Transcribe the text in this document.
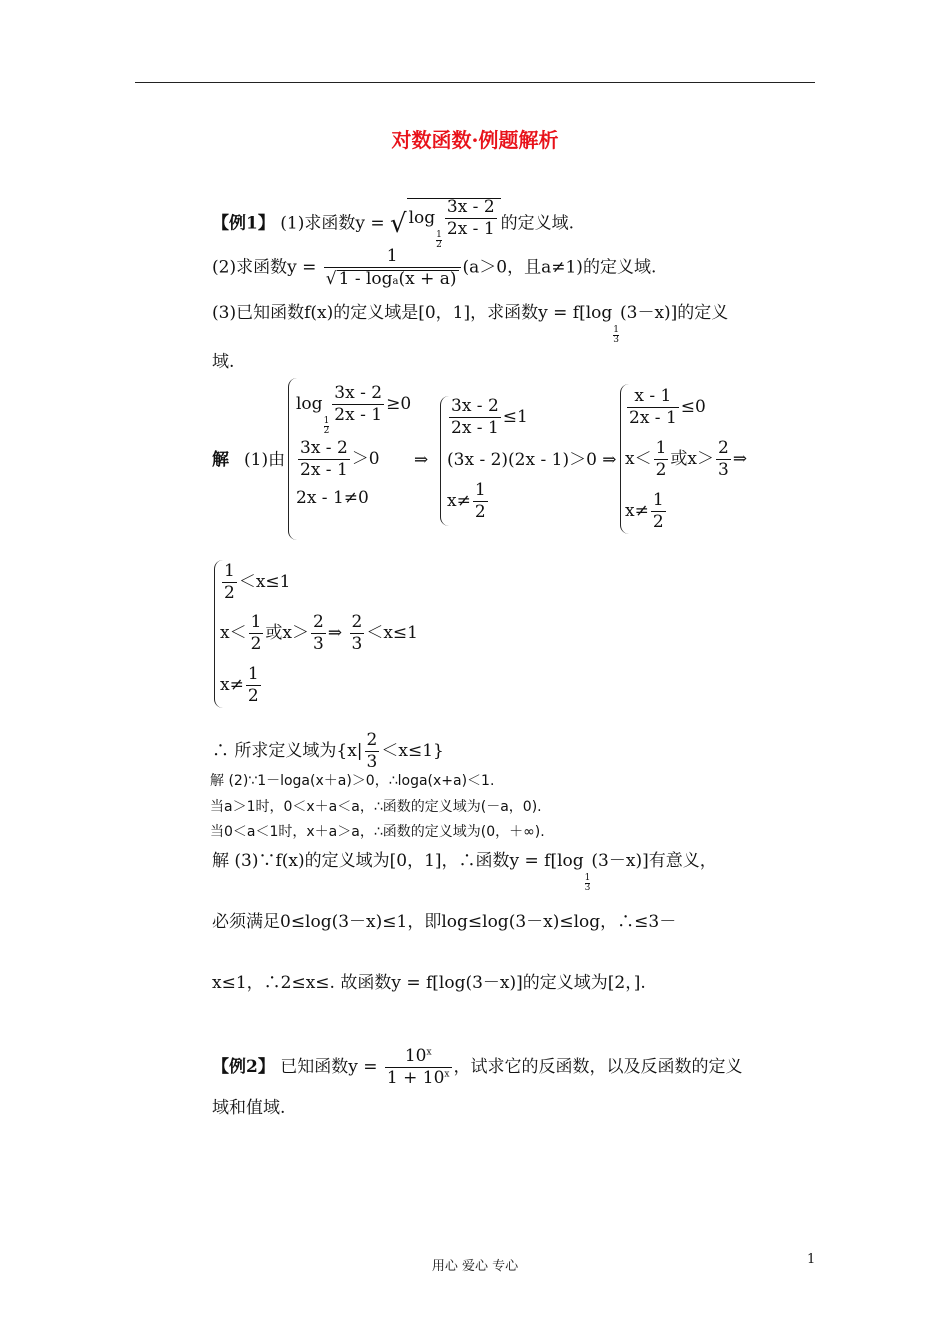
对数函数·例题解析
【例1】 (1)求函数y = √ log
$\frac{1}{2}$
$\frac{3x - 2}{2x - 1}$ 的定义域.
(2)求函数$y = \frac{1}{√ 1 - \log a(x + a)} (a>0$，且a≠1)的定义域.
(3)已知函数f(x)的定义域是[0，1]，求函数y = f[log
$\frac{1}{3}$
(3－x)]的定义
域.
解 (1)由
log
$\frac{1}{2}$
$\frac{3x - 2}{2x - 1} \ge 0$
$\frac{3x - 2}{2x - 1} >0$
2x - 1≠0
⇒
$\frac{3x - 2}{2x - 1} \le 1$
(3x - 2)(2x - 1)＞0 ⇒
$x\ne \frac{1}{2}$
$\frac{x - 1}{2x - 1} \le 0$
$x< \frac{1}{2}$ 或$x> \frac{2}{3}$ ⇒
$x\ne \frac{1}{2}$
$\frac{1}{2} <x\le 1$
$x< \frac{1}{2}$ 或$x> \frac{2}{3}$ ⇒ $\frac{2}{3} <x\le 1$
$x\ne \frac{1}{2}$
∴ 所求定义域为$\{x| \frac{2}{3} <x\le 1\}$
解 (2)∵1－loga(x＋a)＞0，∴loga(x+a)＜1.
当a＞1时，0＜x＋a＜a，∴函数的定义域为(－a，0).
当0＜a＜1时，x＋a＞a，∴函数的定义域为(0，＋∞).
解 (3)∵f(x)的定义域为[0，1]，∴函数y = f[log
$\frac{1}{3}$
(3－x)]有意义，
必须满足0≤log(3－x)≤1，即log≤log(3－x)≤log，∴≤3－
x≤1，∴2≤x≤. 故函数y = f[log(3－x)]的定义域为[2，].
【例2】 已知函数$y = \frac{10^x}{1 + 10^x}$ ，试求它的反函数，以及反函数的定义
域和值域.
用心 爱心 专心	1
